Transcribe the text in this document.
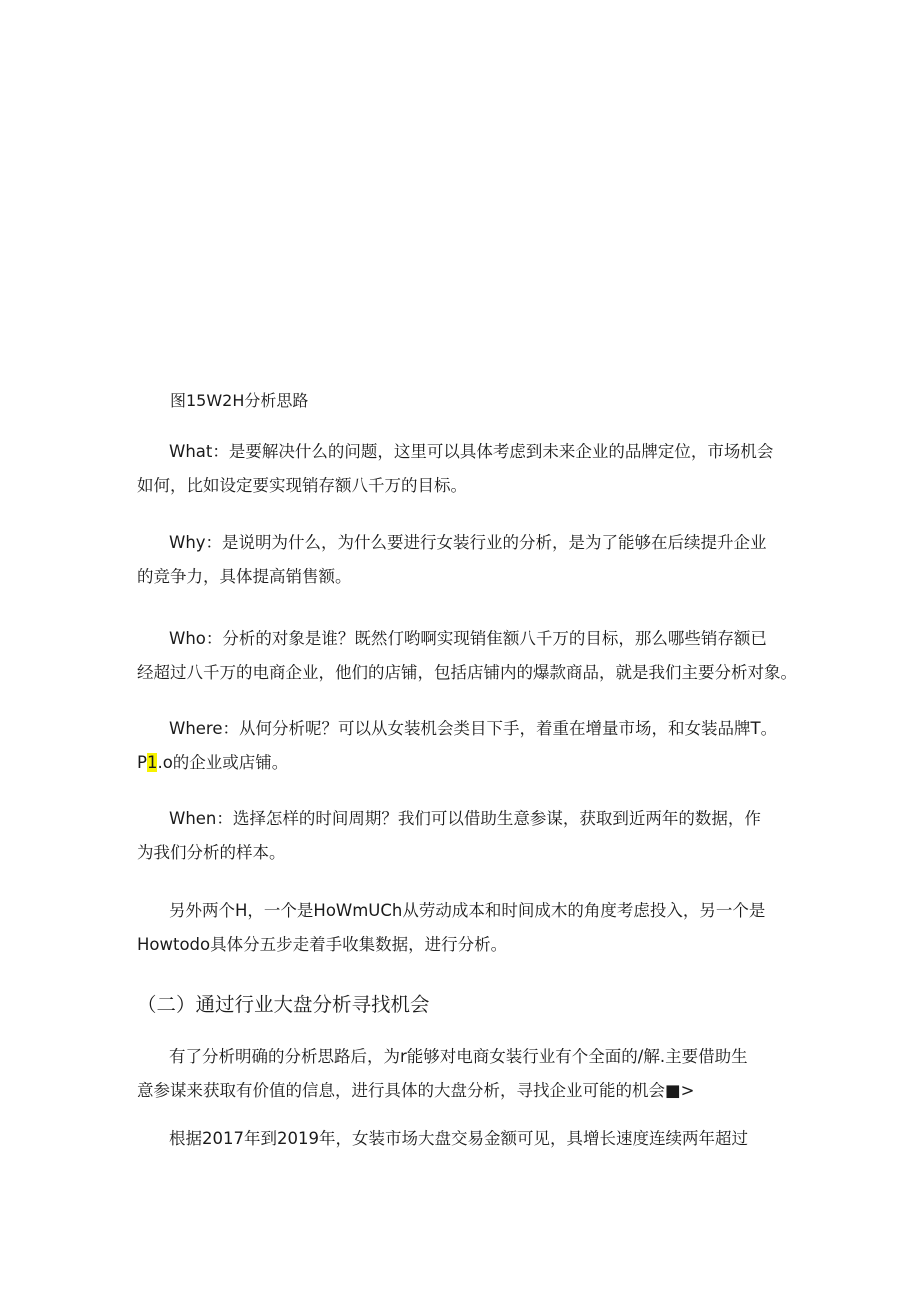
图15W2H分析思路

What：是要解决什么的问题，这里可以具体考虑到未来企业的品牌定位，市场机会
如何，比如设定要实现销存额八千万的目标。

Why：是说明为什么，为什么要进行女装行业的分析，是为了能够在后续提升企业
的竞争力，具体提高销售额。

Who：分析的对象是谁？既然仃哟啊实现销隹额八千万的目标，那么哪些销存额已
经超过八千万的电商企业，他们的店铺，包括店铺内的爆款商品，就是我们主要分析对象。

Where：从何分析呢？可以从女装机会类目下手，着重在增量市场，和女装品牌T。
P1.o的企业或店铺。

When：选择怎样的时间周期？我们可以借助生意参谋，获取到近两年的数据，作
为我们分析的样本。

另外两个H，一个是HoWmUCh从劳动成本和时间成木的角度考虑投入，另一个是
Howtodo具体分五步走着手收集数据，进行分析。

（二）通过行业大盘分析寻找机会

有了分析明确的分析思路后，为r能够对电商女装行业有个全面的/解.主要借助生
意参谋来获取有价值的信息，进行具体的大盘分析，寻找企业可能的机会■>

根据2017年到2019年，女装市场大盘交易金额可见，具增长速度连续两年超过
